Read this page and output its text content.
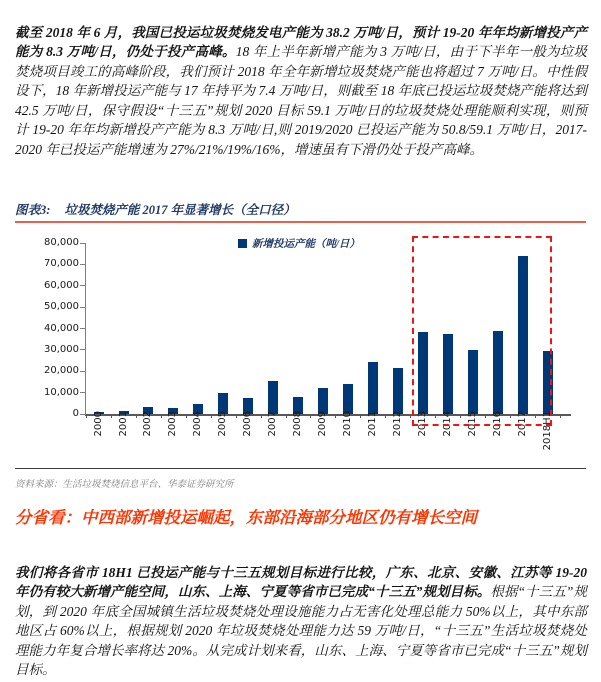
截至 2018 年 6 月，我国已投运垃圾焚烧发电产能为 38.2 万吨/日，预计 19-20 年年均新增投产产能为 8.3 万吨/日，仍处于投产高峰。18 年上半年新增产能为 3 万吨/日，由于下半年一般为垃圾焚烧项目竣工的高峰阶段，我们预计 2018 年全年新增垃圾焚烧产能也将超过 7 万吨/日。中性假设下，18 年新增投运产能与 17 年持平为 7.4 万吨/日，则截至 18 年底已投运垃圾焚烧产能将达到 42.5 万吨/日，保守假设“十三五”规划 2020 目标 59.1 万吨/日的垃圾焚烧处理能顺利实现，则预计 19-20 年年均新增投产产能为 8.3 万吨/日,则 2019/2020 已投运产能为 50.8/59.1 万吨/日，2017-2020 年已投运产能增速为 27%/21%/19%/16%，增速虽有下滑仍处于投产高峰。

图表3: 垃圾焚烧产能 2017 年显著增长（全口径）
新增投运产能（吨/日）
0
10,000
20,000
30,000
40,000
50,000
60,000
70,000
80,000
2000 2001 2002 2003 2004 2005 2006 2007 2008 2009 2010 2011 2012 2013 2014 2015 2016 2017 2018H1
资料来源：生活垃圾焚烧信息平台、华泰证券研究所
分省看：中西部新增投运崛起，东部沿海部分地区仍有增长空间

我们将各省市 18H1 已投运产能与十三五规划目标进行比较，广东、北京、安徽、江苏等 19-20 年仍有较大新增产能空间，山东、上海、宁夏等省市已完成“十三五”规划目标。根据“十三五”规划，到 2020 年底全国城镇生活垃圾焚烧处理设施能力占无害化处理总能力 50%以上，其中东部地区占 60%以上，根据规划 2020 年垃圾焚烧处理能力达 59 万吨/日，“十三五”生活垃圾焚烧处理能力年复合增长率将达 20%。从完成计划来看，山东、上海、宁夏等省市已完成“十三五”规划目标。
